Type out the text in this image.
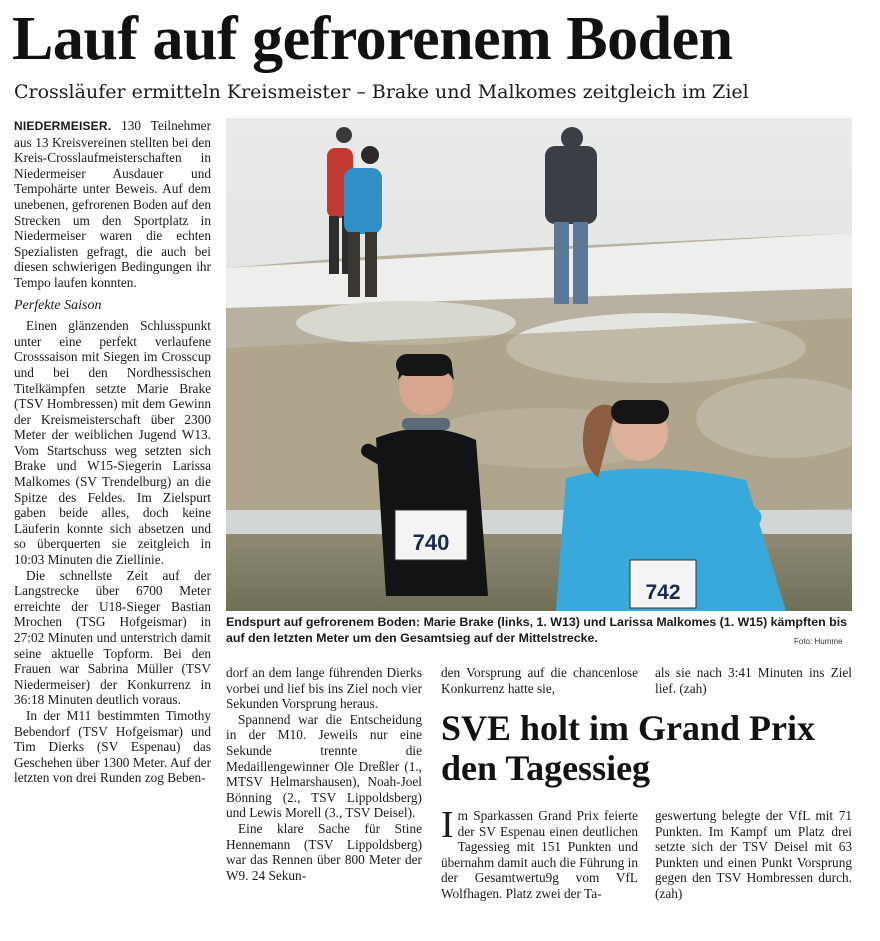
Lauf auf gefrorenem Boden
Crossläufer ermitteln Kreismeister – Brake und Malkomes zeitgleich im Ziel

NIEDERMEISER. 130 Teilnehmer aus 13 Kreisvereinen stellten bei den Kreis-Crosslaufmeisterschaften in Niedermeiser Ausdauer und Tempohärte unter Beweis. Auf dem unebenen, gefrorenen Boden auf den Strecken um den Sportplatz in Niedermeiser waren die echten Spezialisten gefragt, die auch bei diesen schwierigen Bedingungen ihr Tempo laufen konnten.

Perfekte Saison

Einen glänzenden Schlusspunkt unter eine perfekt verlaufene Crosssaison mit Siegen im Crosscup und bei den Nordhessischen Titelkämpfen setzte Marie Brake (TSV Hombressen) mit dem Gewinn der Kreismeisterschaft über 2300 Meter der weiblichen Jugend W13. Vom Startschuss weg setzten sich Brake und W15-Siegerin Larissa Malkomes (SV Trendelburg) an die Spitze des Feldes. Im Zielspurt gaben beide alles, doch keine Läuferin konnte sich absetzen und so überquerten sie zeitgleich in 10:03 Minuten die Ziellinie.

Die schnellste Zeit auf der Langstrecke über 6700 Meter erreichte der U18-Sieger Bastian Mrochen (TSG Hofgeismar) in 27:02 Minuten und unterstrich damit seine aktuelle Topform. Bei den Frauen war Sabrina Müller (TSV Niedermeiser) der Konkurrenz in 36:18 Minuten deutlich voraus.

In der M11 bestimmten Timothy Bebendorf (TSV Hofgeismar) und Tim Dierks (SV Espenau) das Geschehen über 1300 Meter. Auf der letzten von drei Runden zog Beben-

740
742
Endspurt auf gefrorenem Boden: Marie Brake (links, 1. W13) und Larissa Malkomes (1. W15) kämpften bis auf den letzten Meter um den Gesamtsieg auf der Mittelstrecke.	Foto: Humme

dorf an dem lange führenden Dierks vorbei und lief bis ins Ziel noch vier Sekunden Vorsprung heraus.

Spannend war die Entscheidung in der M10. Jeweils nur eine Sekunde trennte die Medaillengewinner Ole Dreßler (1., MTSV Helmarshausen), Noah-Joel Bönning (2., TSV Lippoldsberg) und Lewis Morell (3., TSV Deisel).

Eine klare Sache für Stine Hennemann (TSV Lippoldsberg) war das Rennen über 800 Meter der W9. 24 Sekun-

den Vorsprung auf die chancenlose Konkurrenz hatte sie,

als sie nach 3:41 Minuten ins Ziel lief. (zah)

SVE holt im Grand Prix den Tagessieg

Im Sparkassen Grand Prix feierte der SV Espenau einen deutlichen Tagessieg mit 151 Punkten und übernahm damit auch die Führung in der Gesamtwertu9g vom VfL Wolfhagen. Platz zwei der Ta-

geswertung belegte der VfL mit 71 Punkten. Im Kampf um Platz drei setzte sich der TSV Deisel mit 63 Punkten und einen Punkt Vorsprung gegen den TSV Hombressen durch. (zah)
